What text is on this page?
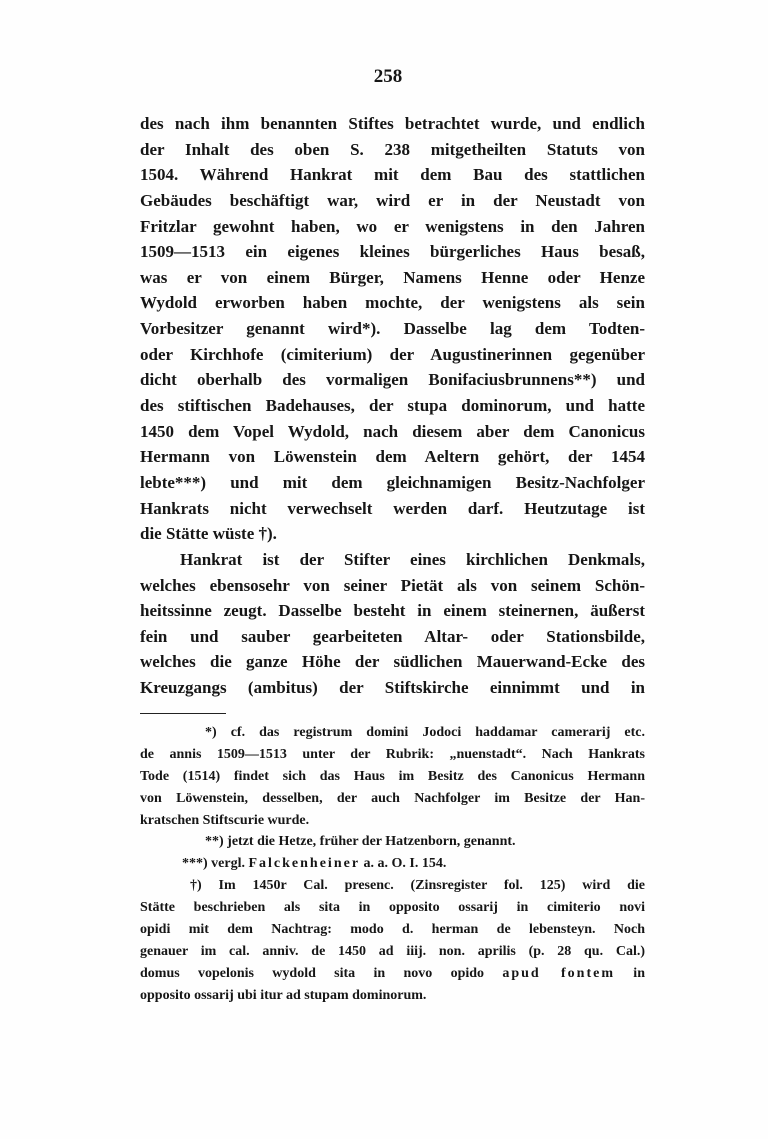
258
des nach ihm benannten Stiftes betrachtet wurde, und endlich
der Inhalt des oben S. 238 mitgetheilten Statuts von
1504. Während Hankrat mit dem Bau des stattlichen
Gebäudes beschäftigt war, wird er in der Neustadt von
Fritzlar gewohnt haben, wo er wenigstens in den Jahren
1509—1513 ein eigenes kleines bürgerliches Haus besaß,
was er von einem Bürger, Namens Henne oder Henze
Wydold erworben haben mochte, der wenigstens als sein
Vorbesitzer genannt wird*). Dasselbe lag dem Todten-
oder Kirchhofe (cimiterium) der Augustinerinnen gegenüber
dicht oberhalb des vormaligen Bonifaciusbrunnens**) und
des stiftischen Badehauses, der stupa dominorum, und hatte
1450 dem Vopel Wydold, nach diesem aber dem Canonicus
Hermann von Löwenstein dem Aeltern gehört, der 1454
lebte***) und mit dem gleichnamigen Besitz-Nachfolger
Hankrats nicht verwechselt werden darf. Heutzutage ist
die Stätte wüste †).
Hankrat ist der Stifter eines kirchlichen Denkmals,
welches ebensosehr von seiner Pietät als von seinem Schön-
heitssinne zeugt. Dasselbe besteht in einem steinernen, äußerst
fein und sauber gearbeiteten Altar- oder Stationsbilde,
welches die ganze Höhe der südlichen Mauerwand-Ecke des
Kreuzgangs (ambitus) der Stiftskirche einnimmt und in
*) cf. das registrum domini Jodoci haddamar camerarij etc.
de annis 1509—1513 unter der Rubrik: „nuenstadt“. Nach Hankrats
Tode (1514) findet sich das Haus im Besitz des Canonicus Hermann
von Löwenstein, desselben, der auch Nachfolger im Besitze der Han-
kratschen Stiftscurie wurde.
**) jetzt die Hetze, früher der Hatzenborn, genannt.
***) vergl. Falckenheiner a. a. O. I. 154.
†) Im 1450r Cal. presenc. (Zinsregister fol. 125) wird die
Stätte beschrieben als sita in opposito ossarij in cimiterio novi
opidi mit dem Nachtrag: modo d. herman de lebensteyn. Noch
genauer im cal. anniv. de 1450 ad iiij. non. aprilis (p. 28 qu. Cal.)
domus vopelonis wydold sita in novo opido apud fontem in
opposito ossarij ubi itur ad stupam dominorum.
